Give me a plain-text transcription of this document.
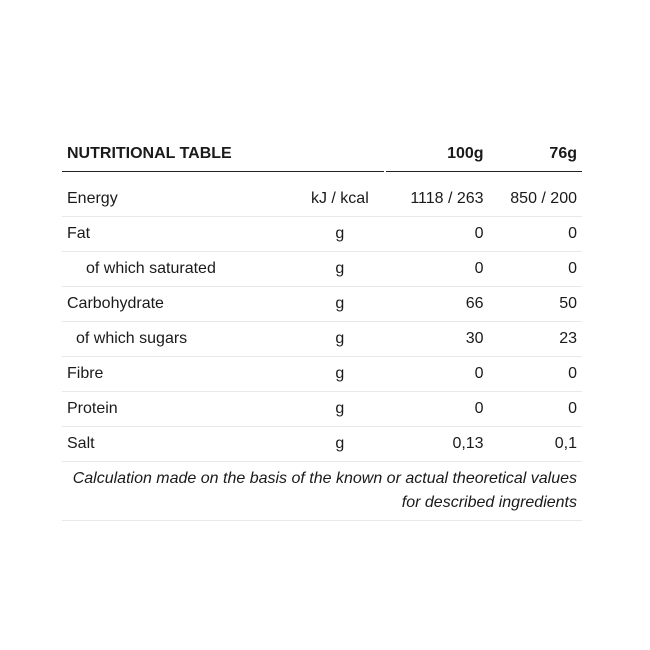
NUTRITIONAL TABLE			100g	76g
Energy	kJ / kcal		1118 / 263	850 / 200
Fat	g		0	0
of which saturated	g		0	0
Carbohydrate	g		66	50
of which sugars	g		30	23
Fibre	g		0	0
Protein	g		0	0
Salt	g		0,13	0,1
Calculation made on the basis of the known or actual theoretical values for described ingredients				
